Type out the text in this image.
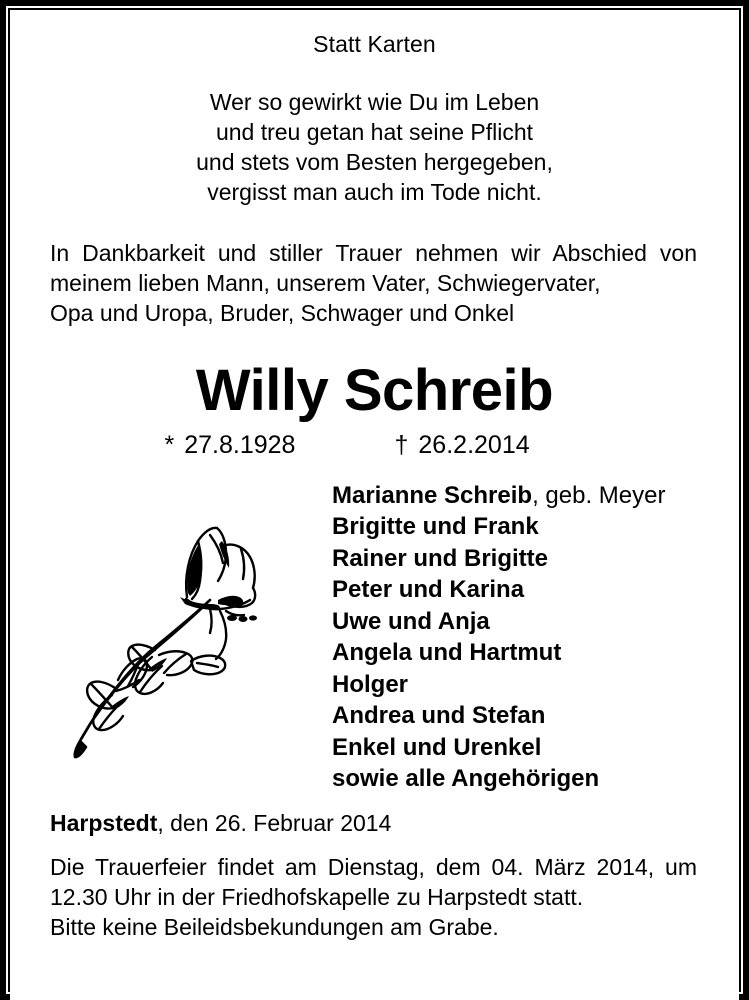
Statt Karten
Wer so gewirkt wie Du im Leben
und treu getan hat seine Pflicht
und stets vom Besten hergegeben,
vergisst man auch im Tode nicht.
In Dankbarkeit und stiller Trauer nehmen wir Abschied von meinem lieben Mann, unserem Vater, Schwiegervater,
Opa und Uropa, Bruder, Schwager und Onkel
Willy Schreib
* 27.8.1928	† 26.2.2014
Marianne Schreib, geb. Meyer
Brigitte und Frank
Rainer und Brigitte
Peter und Karina
Uwe und Anja
Angela und Hartmut
Holger
Andrea und Stefan
Enkel und Urenkel
sowie alle Angehörigen
Harpstedt, den 26. Februar 2014
Die Trauerfeier findet am Dienstag, dem 04. März 2014, um 12.30 Uhr in der Friedhofskapelle zu Harpstedt statt.
Bitte keine Beileidsbekundungen am Grabe.
